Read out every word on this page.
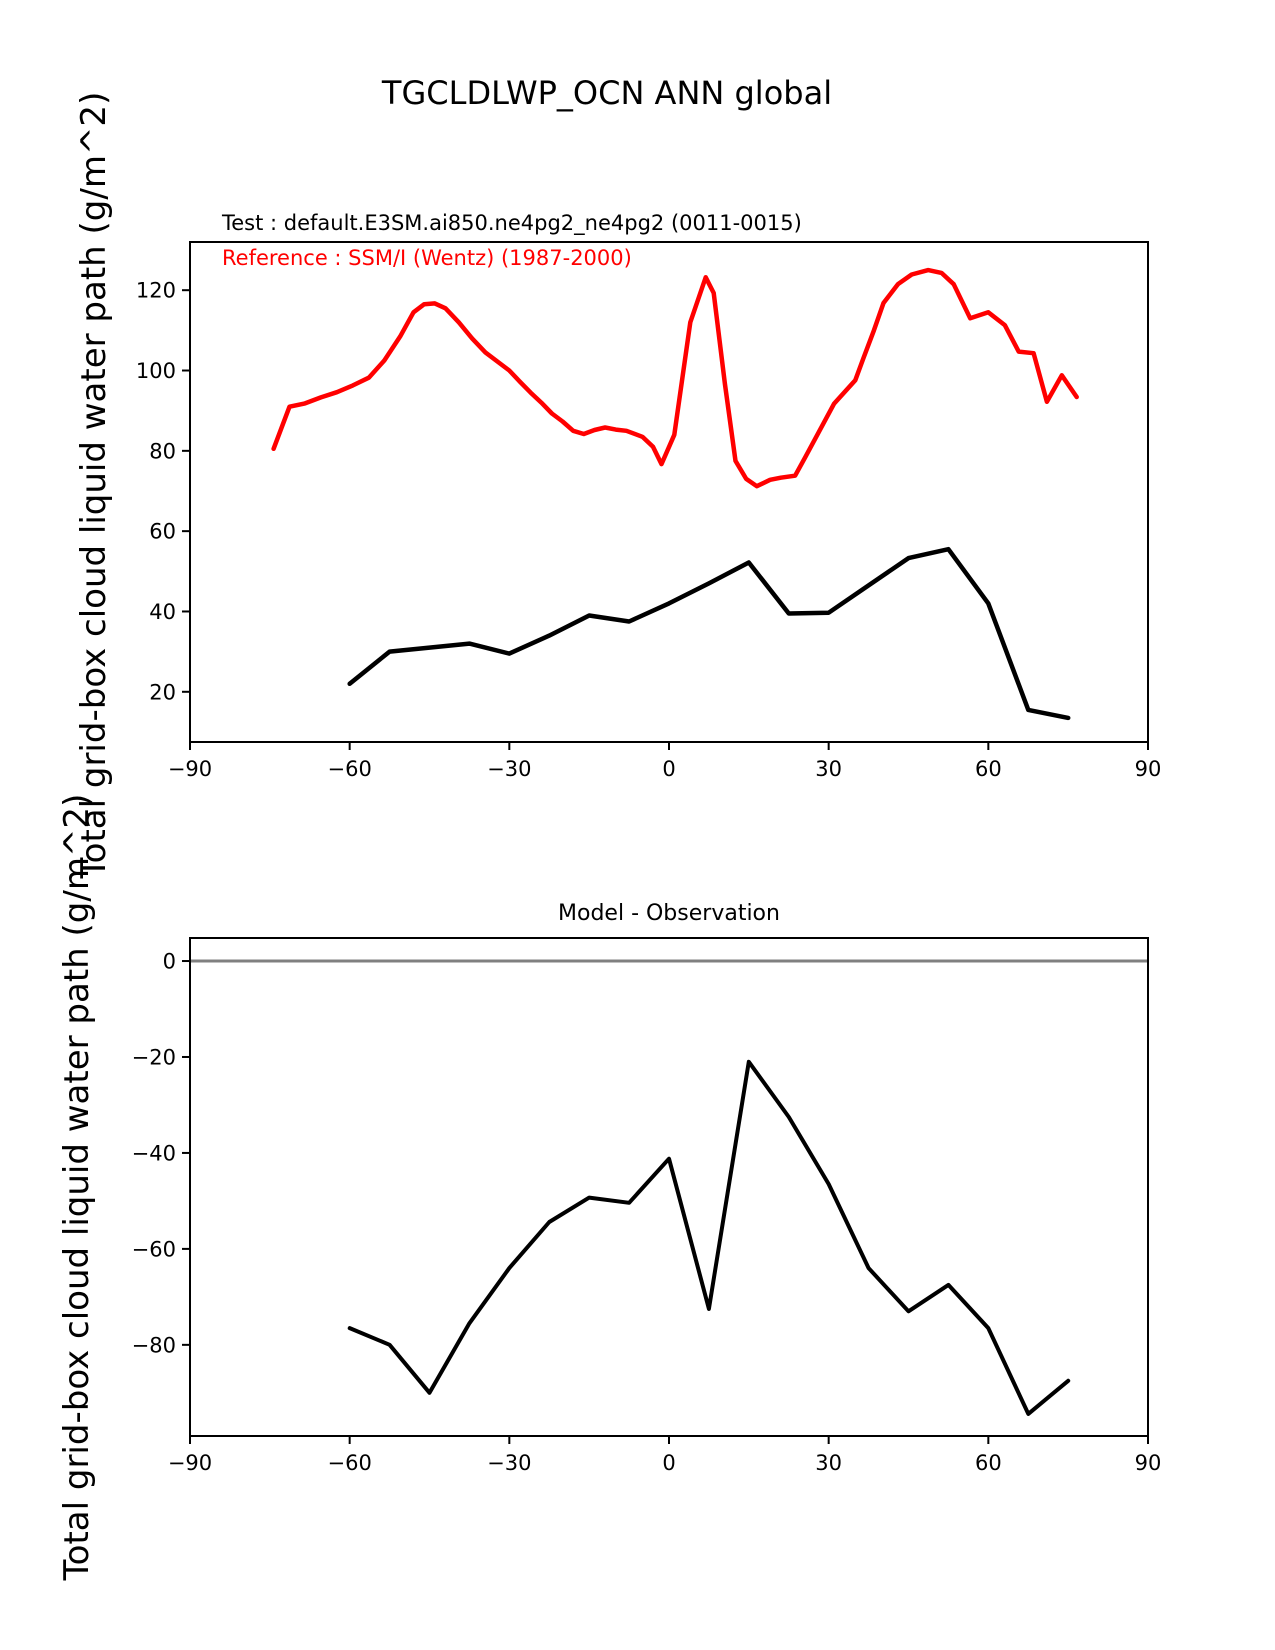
−90	−60	−30	0	30	60	90
20
40
60
80
100
120
−90	−60	−30	0	30	60	90
0
−20
−40
−60
−80
Total grid-box cloud liquid water path (g/m^2)
Total grid-box cloud liquid water path (g/m^2)
TGCLDLWP_OCN ANN global
Test : default.E3SM.ai850.ne4pg2_ne4pg2 (0011-0015)
Reference : SSM/I (Wentz) (1987-2000)
Model - Observation
